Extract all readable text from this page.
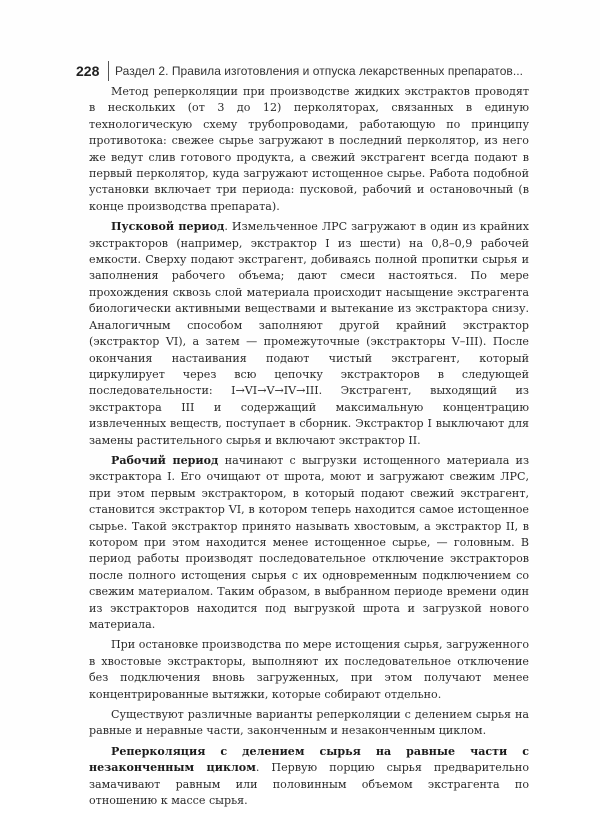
228	Раздел 2. Правила изготовления и отпуска лекарственных препаратов...

Метод реперколяции при производстве жидких экстрактов проводят в нескольких (от 3 до 12) перколяторах, связанных в единую технологическую схему трубопроводами, работающую по принципу противотока: свежее сырье загружают в последний перколятор, из него же ведут слив готового продукта, а свежий экстрагент всегда подают в первый перколятор, куда загружают истощенное сырье. Работа подобной установки включает три периода: пусковой, рабочий и остановочный (в конце производства препарата).

Пусковой период. Измельченное ЛРС загружают в один из крайних экстракторов (например, экстрактор I из шести) на 0,8–0,9 рабочей емкости. Сверху подают экстрагент, добиваясь полной пропитки сырья и заполнения рабочего объема; дают смеси настояться. По мере прохождения сквозь слой материала происходит насыщение экстрагента биологически активными веществами и вытекание из экстрактора снизу. Аналогичным способом заполняют другой крайний экстрактор (экстрактор VI), а затем — промежуточные (экстракторы V–III). После окончания настаивания подают чистый экстрагент, который циркулирует через всю цепочку экстракторов в следующей последовательности: I→VI→V→IV→III. Экстрагент, выходящий из экстрактора III и содержащий максимальную концентрацию извлеченных веществ, поступает в сборник. Экстрактор I выключают для замены растительного сырья и включают экстрактор II.

Рабочий период начинают с выгрузки истощенного материала из экстрактора I. Его очищают от шрота, моют и загружают свежим ЛРС, при этом первым экстрактором, в который подают свежий экстрагент, становится экстрактор VI, в котором теперь находится самое истощенное сырье. Такой экстрактор принято называть хвостовым, а экстрактор II, в котором при этом находится менее истощенное сырье, — головным. В период работы производят последовательное отключение экстракторов после полного истощения сырья с их одновременным подключением со свежим материалом. Таким образом, в выбранном периоде времени один из экстракторов находится под выгрузкой шрота и загрузкой нового материала.

При остановке производства по мере истощения сырья, загруженного в хвостовые экстракторы, выполняют их последовательное отключение без подключения вновь загруженных, при этом получают менее концентрированные вытяжки, которые собирают отдельно.

Существуют различные варианты реперколяции с делением сырья на равные и неравные части, законченным и незаконченным циклом.

Реперколяция с делением сырья на равные части с незаконченным циклом. Первую порцию сырья предварительно замачивают равным или половинным объемом экстрагента по отношению к массе сырья.
